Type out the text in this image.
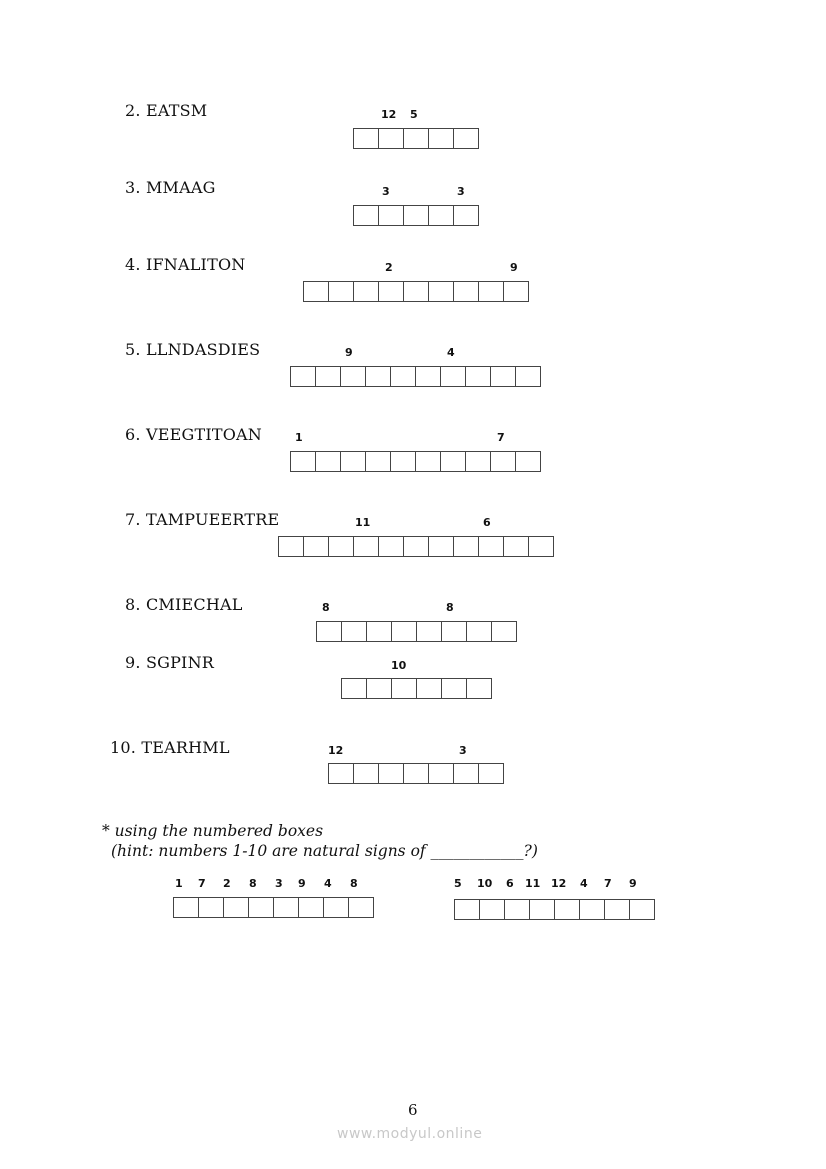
2. EATSM	12 5
3. MMAAG	3	3
4. IFNALITON	2	9
5. LLNDASDIES	9	4
6. VEEGTITOAN	1	7
7. TAMPUEERTRE	11	6
8. CMIECHAL	8	8
9. SGPINR	10
10. TEARHML	12	3
* using the numbered boxes
(hint: numbers 1-10 are natural signs of ____________?)
1 7 2 8 3 9 4 8	5 10 6 11 12 4 7 9
6
www.modyul.online
